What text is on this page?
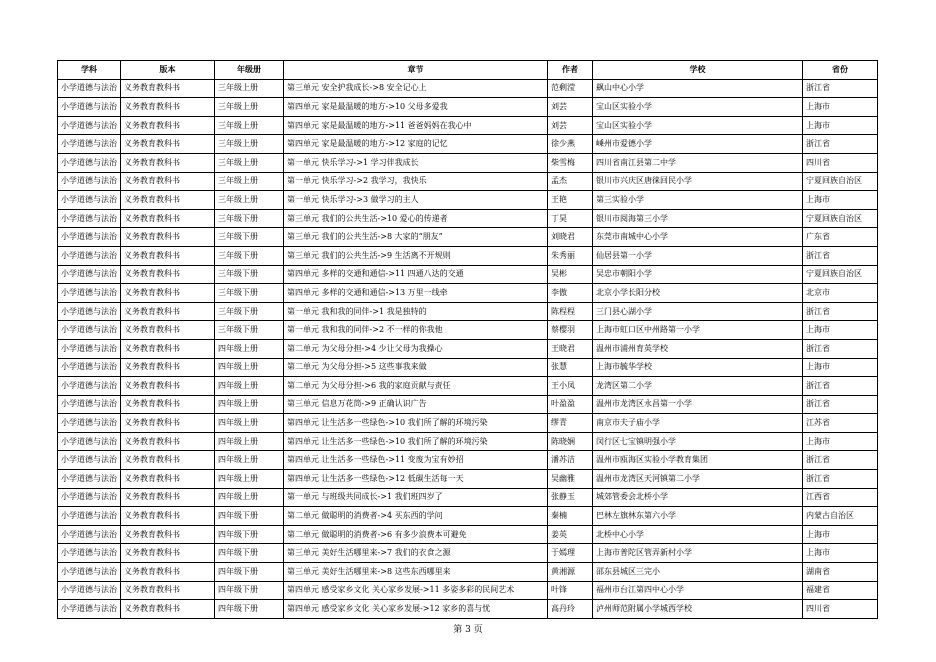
学科	版本	年级册	章节	作者	学校	省份
小学道德与法治	义务教育教科书	三年级上册	第三单元 安全护我成长->8 安全记心上	范剩滢	飙山中心小学	浙江省
小学道德与法治	义务教育教科书	三年级上册	第四单元 家是最温暖的地方->10 父母多爱我	刘芸	宝山区实验小学	上海市
小学道德与法治	义务教育教科书	三年级上册	第四单元 家是最温暖的地方->11 爸爸妈妈在我心中	刘芸	宝山区实验小学	上海市
小学道德与法治	义务教育教科书	三年级上册	第四单元 家是最温暖的地方->12 家庭的记忆	徐少燕	嵊州市爱德小学	浙江省
小学道德与法治	义务教育教科书	三年级上册	第一单元 快乐学习->1 学习伴我成长	柴雪梅	四川省南江县第二中学	四川省
小学道德与法治	义务教育教科书	三年级上册	第一单元 快乐学习->2 我学习，我快乐	孟杰	银川市兴庆区唐徕回民小学	宁夏回族自治区
小学道德与法治	义务教育教科书	三年级上册	第一单元 快乐学习->3 做学习的主人	王艳	第三实验小学	上海市
小学道德与法治	义务教育教科书	三年级下册	第三单元 我们的公共生活->10 爱心的传递者	丁昊	银川市阅海第三小学	宁夏回族自治区
小学道德与法治	义务教育教科书	三年级下册	第三单元 我们的公共生活->8 大家的“朋友”	刘晓君	东莞市南城中心小学	广东省
小学道德与法治	义务教育教科书	三年级下册	第三单元 我们的公共生活->9 生活离不开规则	朱秀丽	仙居县第一小学	浙江省
小学道德与法治	义务教育教科书	三年级下册	第四单元 多样的交通和通信->11 四通八达的交通	吴彬	吴忠市朝阳小学	宁夏回族自治区
小学道德与法治	义务教育教科书	三年级下册	第四单元 多样的交通和通信->13 万里一线牵	李傲	北京小学长阳分校	北京市
小学道德与法治	义务教育教科书	三年级下册	第一单元 我和我的同伴->1 我是独特的	陈程程	三门县心湖小学	浙江省
小学道德与法治	义务教育教科书	三年级下册	第一单元 我和我的同伴->2 不一样的你我他	蔡樱羽	上海市虹口区中州路第一小学	上海市
小学道德与法治	义务教育教科书	四年级上册	第二单元 为父母分担->4 少让父母为我操心	王晓君	温州市浦州育英学校	浙江省
小学道德与法治	义务教育教科书	四年级上册	第二单元 为父母分担->5 这些事我来做	张慧	上海市毓华学校	上海市
小学道德与法治	义务教育教科书	四年级上册	第二单元 为父母分担->6 我的家庭贡献与责任	王小凤	龙湾区第二小学	浙江省
小学道德与法治	义务教育教科书	四年级上册	第三单元 信息万花筒->9 正确认识广告	叶盈盈	温州市龙湾区永昌第一小学	浙江省
小学道德与法治	义务教育教科书	四年级上册	第四单元 让生活多一些绿色->10 我们所了解的环境污染	缪青	南京市夫子庙小学	江苏省
小学道德与法治	义务教育教科书	四年级上册	第四单元 让生活多一些绿色->10 我们所了解的环境污染	陈晓娴	闵行区七宝镇明强小学	上海市
小学道德与法治	义务教育教科书	四年级上册	第四单元 让生活多一些绿色->11 变废为宝有妙招	潘苏洁	温州市瓯海区实验小学教育集团	浙江省
小学道德与法治	义务教育教科书	四年级上册	第四单元 让生活多一些绿色->12 低碳生活每一天	吴幽雅	温州市龙湾区天河镇第二小学	浙江省
小学道德与法治	义务教育教科书	四年级上册	第一单元 与班级共同成长->1 我们班四岁了	张静玉	城郊管委会北桥小学	江西省
小学道德与法治	义务教育教科书	四年级下册	第二单元 做聪明的消费者->4 买东西的学问	秦楠	巴林左旗林东第六小学	内蒙古自治区
小学道德与法治	义务教育教科书	四年级下册	第二单元 做聪明的消费者->6 有多少浪费本可避免	姜英	北桥中心小学	上海市
小学道德与法治	义务教育教科书	四年级下册	第三单元 美好生活哪里来->7 我们的衣食之源	于嫣理	上海市普陀区管弄新村小学	上海市
小学道德与法治	义务教育教科书	四年级下册	第三单元 美好生活哪里来->8 这些东西哪里来	黄湘源	邵东县城区三完小	湖南省
小学道德与法治	义务教育教科书	四年级下册	第四单元 感受家乡文化 关心家乡发展->11 多姿多彩的民间艺术	叶锋	福州市台江第四中心小学	福建省
小学道德与法治	义务教育教科书	四年级下册	第四单元 感受家乡文化 关心家乡发展->12 家乡的喜与忧	高丹玲	泸州师范附属小学城西学校	四川省
第 3 页
